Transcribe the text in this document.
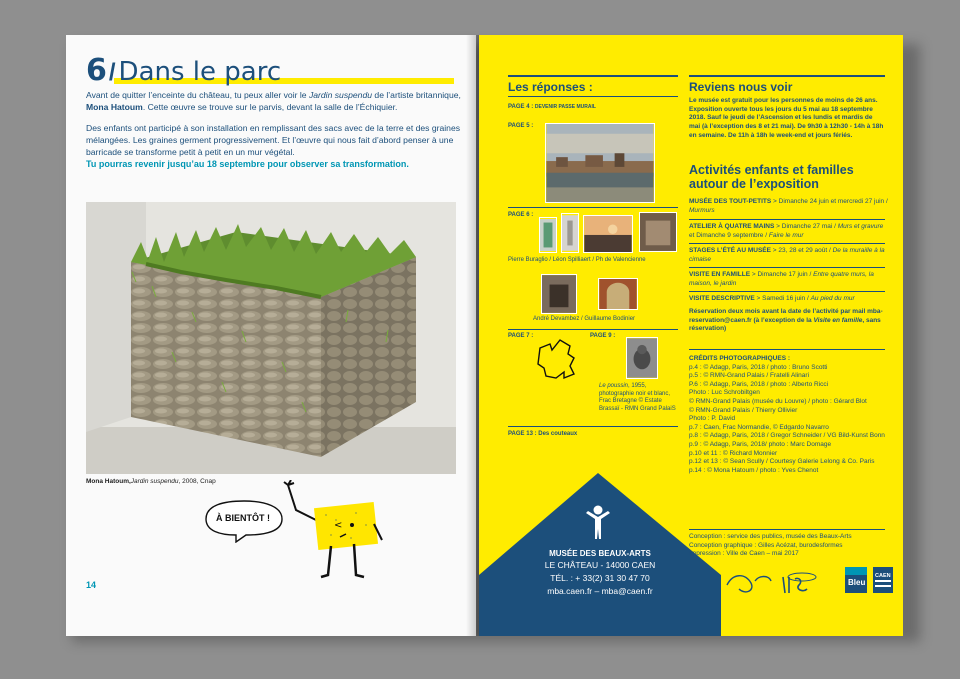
6 / Dans le parc

Avant de quitter l’enceinte du château, tu peux aller voir le Jardin suspendu de l’artiste britannique, Mona Hatoum. Cette œuvre se trouve sur le parvis, devant la salle de l’Échiquier.

Des enfants ont participé à son installation en remplissant des sacs avec de la terre et des graines mélangées. Les graines germent progressivement. Et l’œuvre qui nous fait d’abord penser à une barricade se transforme petit à petit en un mur végétal.

Tu pourras revenir jusqu’au 18 septembre pour observer sa transformation.

Mona Hatoum,Jardin suspendu, 2008, Cnap
À BIENTÔT !
<
14
Les réponses :
PAGE 4 : DEVENIR PASSE MURAIL
PAGE 5 :
PAGE 6 :
Pierre Buraglio / Léon Spilliaert / Ph de Valencienne
André Devambez / Guillaume Bodinier
PAGE 7 :	PAGE 9 :
Le poussin, 1955, photographie noir et blanc, Frac Bretagne © Estate Brassaï - RMN Grand PalaiS
PAGE 13 : Des couteaux
Reviens nous voir
Le musée est gratuit pour les personnes de moins de 26 ans. Exposition ouverte tous les jours du 5 mai au 18 septembre 2018. Sauf le jeudi de l’Ascension et les lundis et mardis de mai (à l’exception des 8 et 21 mai). De 9h30 à 12h30 - 14h à 18h en semaine. De 11h à 18h le week-end et jours fériés.
Activités enfants et familles autour de l’exposition
MUSÉE DES TOUT-PETITS > Dimanche 24 juin et mercredi 27 juin / Murmurs
ATELIER À QUATRE MAINS > Dimanche 27 mai / Murs et gravure et Dimanche 9 septembre / Faire le mur
STAGES L’ÉTÉ AU MUSÉE > 23, 28 et 29 août / De la muraille à la cimaise
VISITE EN FAMILLE > Dimanche 17 juin / Entre quatre murs, la maison, le jardin
VISITE DESCRIPTIVE > Samedi 16 juin / Au pied du mur
Réservation deux mois avant la date de l’activité par mail mba-reservation@caen.fr (à l’exception de la Visite en famille, sans réservation)
CRÉDITS PHOTOGRAPHIQUES :
p.4 : © Adagp, Paris, 2018 / photo : Bruno Scotti
p.5 : © RMN-Grand Palais / Fratelli Alinari
P.6 : © Adagp, Paris, 2018 / photo : Alberto Ricci
Photo : Luc Schrobiltgen
© RMN-Grand Palais (musée du Louvre) / photo : Gérard Blot
© RMN-Grand Palais / Thierry Ollivier
Photo : P. David
p.7 : Caen, Frac Normandie, © Edgardo Navarro
p.8 : © Adagp, Paris, 2018 / Gregor Schneider / VG Bild-Kunst Bonn
p.9 : © Adagp, Paris, 2018/ photo : Marc Domage
p.10 et 11 : © Richard Monnier
p.12 et 13 : © Sean Scully / Courtesy Galerie Lelong & Co. Paris
p.14 : © Mona Hatoum / photo : Yves Chenot
Conception : service des publics, musée des Beaux-Arts
Conception graphique : Gilles Acézat, burodesformes
Impression : Ville de Caen – mai 2017
MUSÉE DES BEAUX-ARTS
LE CHÂTEAU - 14000 CAEN
TÉL. : + 33(2) 31 30 47 70
mba.caen.fr – mba@caen.fr
Bleu
CAEN
